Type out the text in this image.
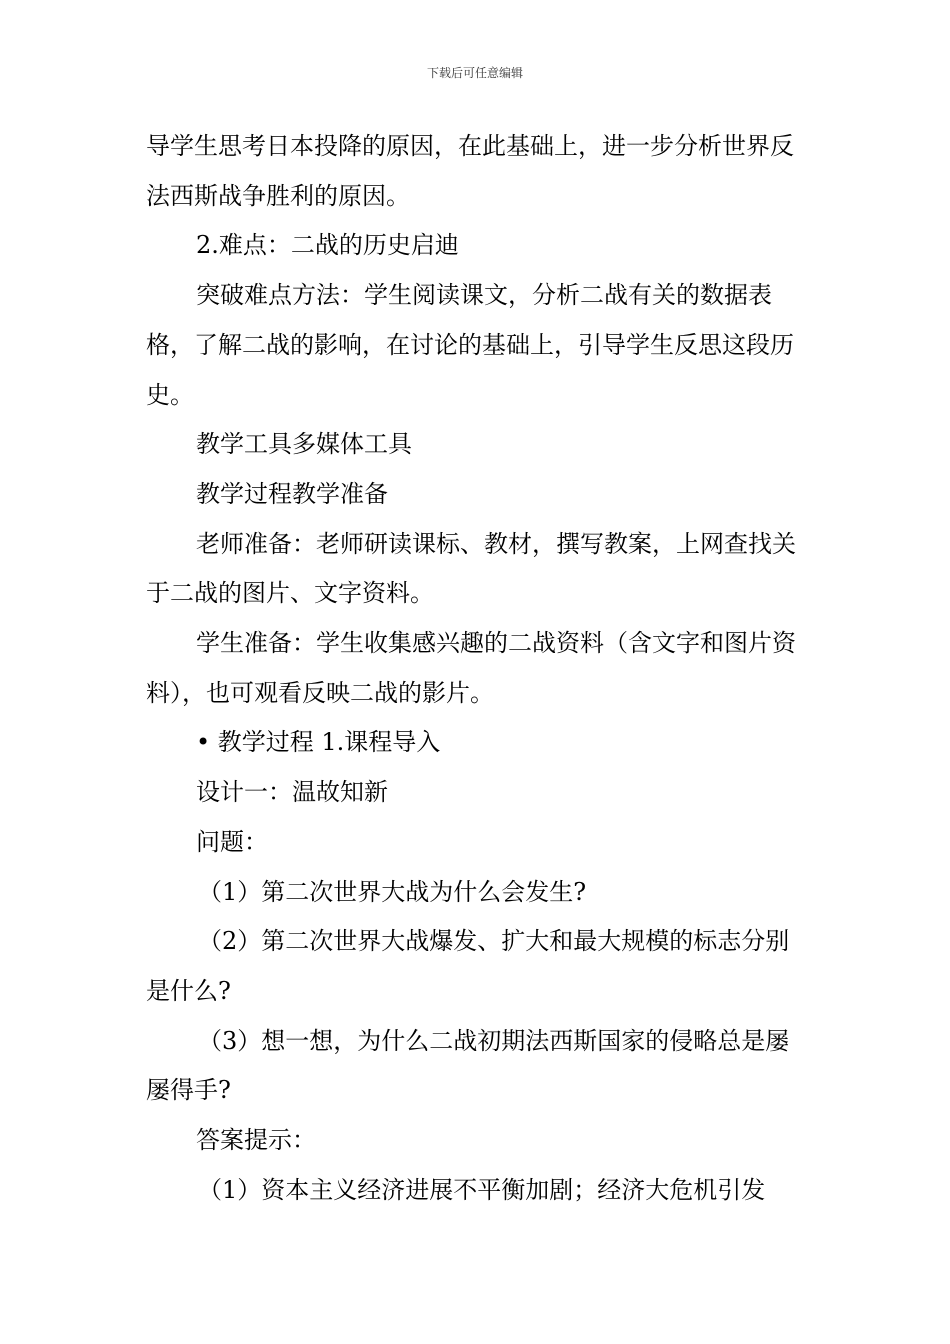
下载后可任意编辑

导学生思考日本投降的原因，在此基础上，进一步分析世界反法西斯战争胜利的原因。

2.难点：二战的历史启迪

突破难点方法：学生阅读课文，分析二战有关的数据表格，了解二战的影响，在讨论的基础上，引导学生反思这段历史。

教学工具多媒体工具

教学过程教学准备

老师准备：老师研读课标、教材，撰写教案，上网查找关于二战的图片、文字资料。

学生准备：学生收集感兴趣的二战资料（含文字和图片资料），也可观看反映二战的影片。

• 教学过程 1.课程导入

设计一：温故知新

问题：

（1）第二次世界大战为什么会发生?

（2）第二次世界大战爆发、扩大和最大规模的标志分别是什么?

（3）想一想，为什么二战初期法西斯国家的侵略总是屡屡得手?

答案提示：

（1）资本主义经济进展不平衡加剧；经济大危机引发
